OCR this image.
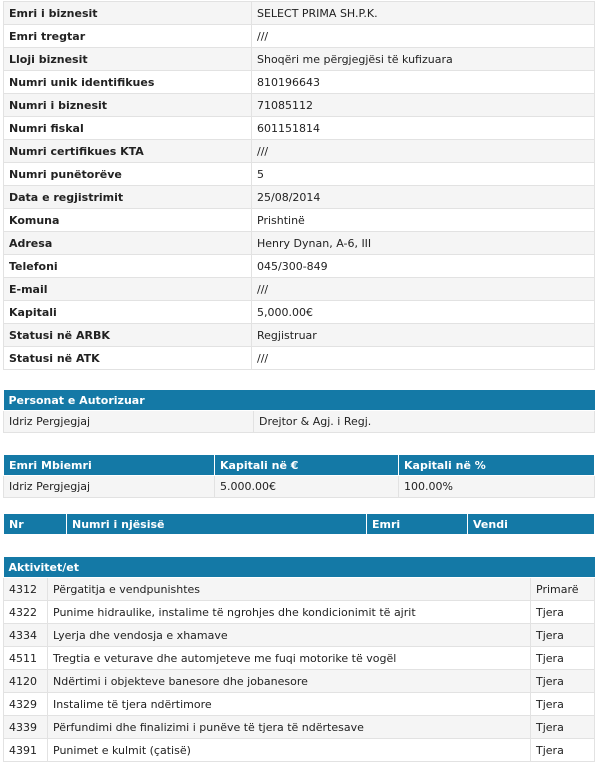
Emri i biznesit	SELECT PRIMA SH.P.K.
Emri tregtar	///
Lloji biznesit	Shoqëri me përgjegjësi të kufizuara
Numri unik identifikues	810196643
Numri i biznesit	71085112
Numri fiskal	601151814
Numri certifikues KTA	///
Numri punëtorëve	5
Data e regjistrimit	25/08/2014
Komuna	Prishtinë
Adresa	Henry Dynan, A-6, III
Telefoni	045/300-849
E-mail	///
Kapitali	5,000.00€
Statusi në ARBK	Regjistruar
Statusi në ATK	///
Personat e Autorizuar
Idriz Pergjegjaj	Drejtor & Agj. i Regj.
Emri Mbiemri	Kapitali në €	Kapitali në %
Idriz Pergjegjaj	5.000.00€	100.00%
Nr	Numri i njësisë	Emri	Vendi
Aktivitet/et		
4312	Përgatitja e vendpunishtes	Primarë
4322	Punime hidraulike, instalime të ngrohjes dhe kondicionimit të ajrit	Tjera
4334	Lyerja dhe vendosja e xhamave	Tjera
4511	Tregtia e veturave dhe automjeteve me fuqi motorike të vogël	Tjera
4120	Ndërtimi i objekteve banesore dhe jobanesore	Tjera
4329	Instalime të tjera ndërtimore	Tjera
4339	Përfundimi dhe finalizimi i punëve të tjera të ndërtesave	Tjera
4391	Punimet e kulmit (çatisë)	Tjera
